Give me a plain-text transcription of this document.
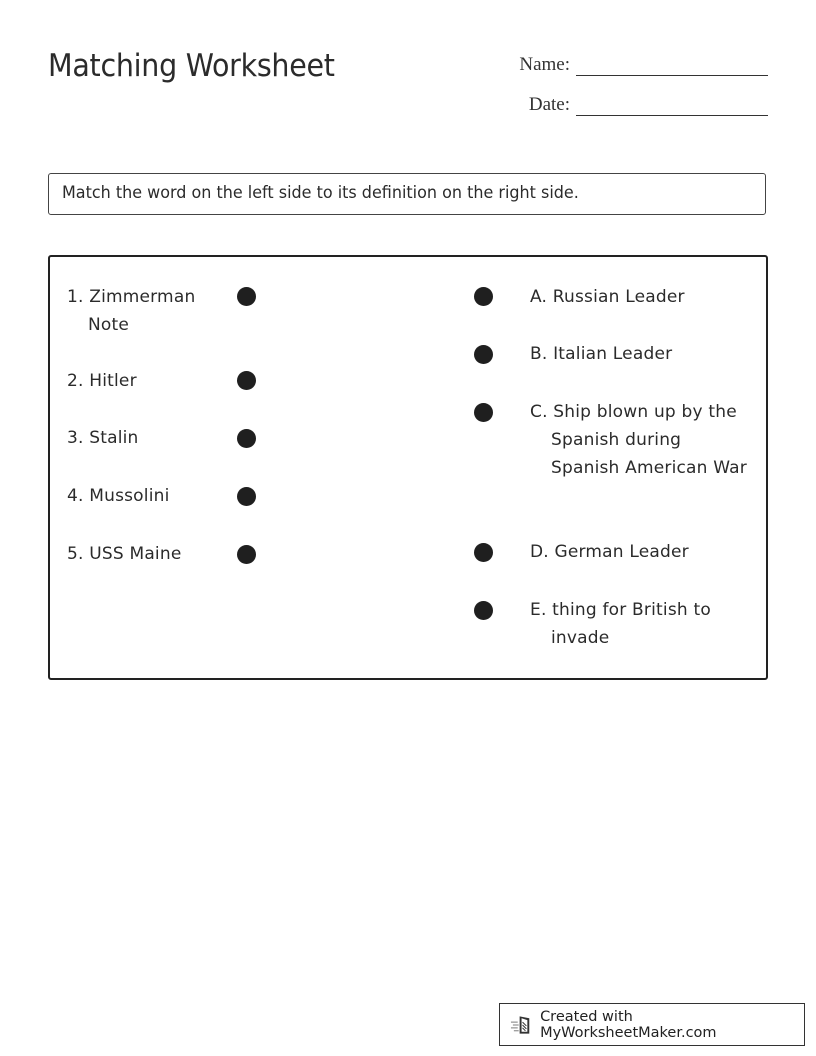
Matching Worksheet	Name:
Date:
Match the word on the left side to its definition on the right side.
1. Zimmerman Note
2. Hitler
3. Stalin
4. Mussolini
5. USS Maine
A. Russian Leader
B. Italian Leader
C. Ship blown up by the Spanish during Spanish American War
D. German Leader
E. thing for British to invade
Created with MyWorksheetMaker.com
